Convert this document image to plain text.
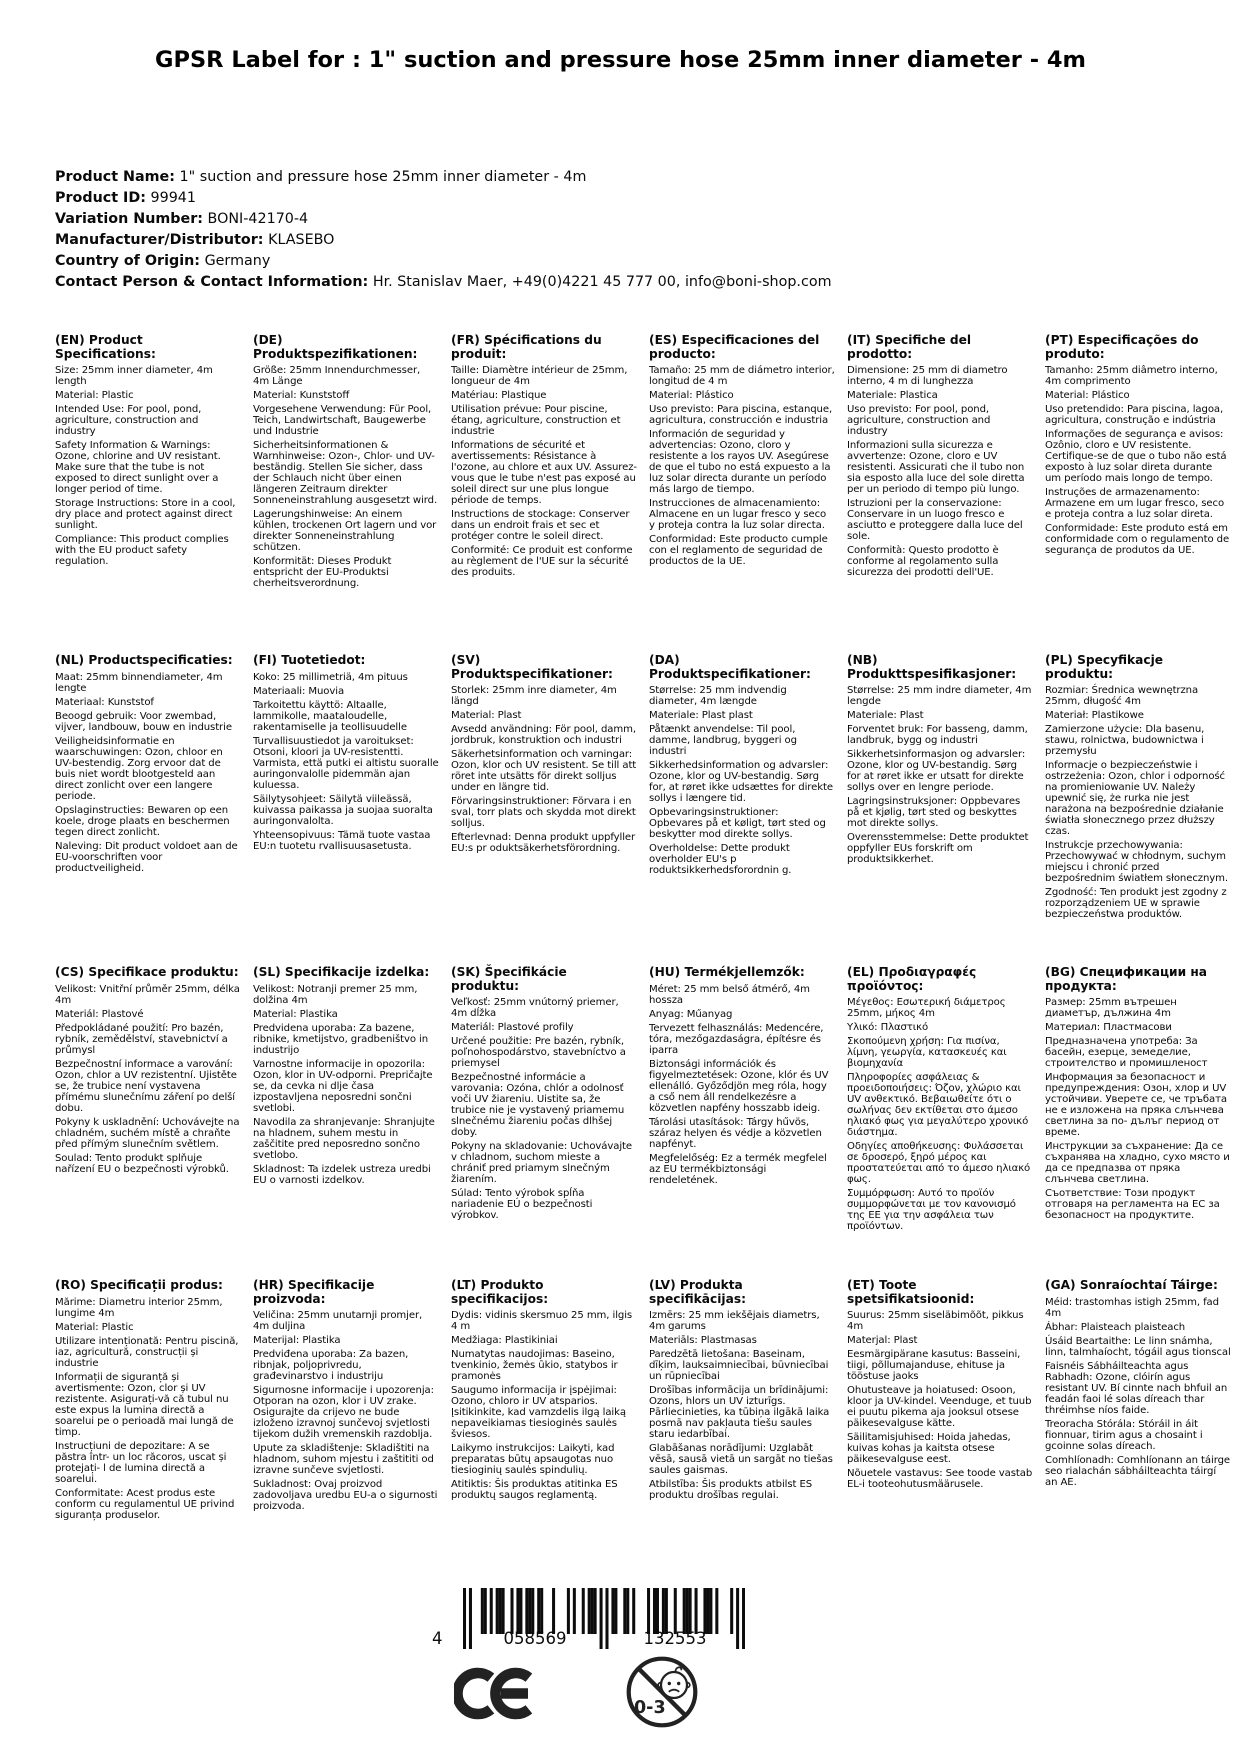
GPSR Label for : 1" suction and pressure hose 25mm inner diameter - 4m
Product Name: 1" suction and pressure hose 25mm inner diameter - 4m
Product ID: 99941
Variation Number: BONI-42170-4
Manufacturer/Distributor: KLASEBO
Country of Origin: Germany
Contact Person & Contact Information: Hr. Stanislav Maer, +49(0)4221 45 777 00, info@boni-shop.com
(EN) Product Specifications:

Size: 25mm inner diameter, 4m length

Material: Plastic

Intended Use: For pool, pond, agriculture, construction and industry

Safety Information & Warnings: Ozone, chlorine and UV resistant. Make sure that the tube is not exposed to direct sunlight over a longer period of time.

Storage Instructions: Store in a cool, dry place and protect against direct sunlight.

Compliance: This product complies with the EU product safety regulation.

(DE) Produktspezifikationen:

Größe: 25mm Innendurchmesser, 4m Länge

Material: Kunststoff

Vorgesehene Verwendung: Für Pool, Teich, Landwirtschaft, Baugewerbe und Industrie

Sicherheitsinformationen & Warnhinweise: Ozon-, Chlor- und UV-beständig. Stellen Sie sicher, dass der Schlauch nicht über einen längeren Zeitraum direkter Sonneneinstrahlung ausgesetzt wird.

Lagerungshinweise: An einem kühlen, trockenen Ort lagern und vor direkter Sonneneinstrahlung schützen.

Konformität: Dieses Produkt entspricht der EU-Produktsi cherheitsverordnung.

(FR) Spécifications du produit:

Taille: Diamètre intérieur de 25mm, longueur de 4m

Matériau: Plastique

Utilisation prévue: Pour piscine, étang, agriculture, construction et industrie

Informations de sécurité et avertissements: Résistance à l'ozone, au chlore et aux UV. Assurez-vous que le tube n'est pas exposé au soleil direct sur une plus longue période de temps.

Instructions de stockage: Conserver dans un endroit frais et sec et protéger contre le soleil direct.

Conformité: Ce produit est conforme au règlement de l'UE sur la sécurité des produits.

(ES) Especificaciones del producto:

Tamaño: 25 mm de diámetro interior, longitud de 4 m

Material: Plástico

Uso previsto: Para piscina, estanque, agricultura, construcción e industria

Información de seguridad y advertencias: Ozono, cloro y resistente a los rayos UV. Asegúrese de que el tubo no está expuesto a la luz solar directa durante un período más largo de tiempo.

Instrucciones de almacenamiento: Almacene en un lugar fresco y seco y proteja contra la luz solar directa.

Conformidad: Este producto cumple con el reglamento de seguridad de productos de la UE.

(IT) Specifiche del prodotto:

Dimensione: 25 mm di diametro interno, 4 m di lunghezza

Materiale: Plastica

Uso previsto: For pool, pond, agriculture, construction and industry

Informazioni sulla sicurezza e avvertenze: Ozone, cloro e UV resistenti. Assicurati che il tubo non sia esposto alla luce del sole diretta per un periodo di tempo più lungo.

Istruzioni per la conservazione: Conservare in un luogo fresco e asciutto e proteggere dalla luce del sole.

Conformità: Questo prodotto è conforme al regolamento sulla sicurezza dei prodotti dell'UE.

(PT) Especificações do produto:

Tamanho: 25mm diâmetro interno, 4m comprimento

Material: Plástico

Uso pretendido: Para piscina, lagoa, agricultura, construção e indústria

Informações de segurança e avisos: Ozônio, cloro e UV resistente. Certifique-se de que o tubo não está exposto à luz solar direta durante um período mais longo de tempo.

Instruções de armazenamento: Armazene em um lugar fresco, seco e proteja contra a luz solar direta.

Conformidade: Este produto está em conformidade com o regulamento de segurança de produtos da UE.

(NL) Productspecificaties:

Maat: 25mm binnendiameter, 4m lengte

Materiaal: Kunststof

Beoogd gebruik: Voor zwembad, vijver, landbouw, bouw en industrie

Veiligheidsinformatie en waarschuwingen: Ozon, chloor en UV-bestendig. Zorg ervoor dat de buis niet wordt blootgesteld aan direct zonlicht over een langere periode.

Opslaginstructies: Bewaren op een koele, droge plaats en beschermen tegen direct zonlicht.

Naleving: Dit product voldoet aan de EU-voorschriften voor productveiligheid.

(FI) Tuotetiedot:

Koko: 25 millimetriä, 4m pituus

Materiaali: Muovia

Tarkoitettu käyttö: Altaalle, lammikolle, maataloudelle, rakentamiselle ja teollisuudelle

Turvallisuustiedot ja varoitukset: Otsoni, kloori ja UV-resistentti. Varmista, että putki ei altistu suoralle auringonvalolle pidemmän ajan kuluessa.

Säilytysohjeet: Säilytä viileässä, kuivassa paikassa ja suojaa suoralta auringonvalolta.

Yhteensopivuus: Tämä tuote vastaa EU:n tuotetu rvallisuusasetusta.

(SV) Produktspecifikationer:

Storlek: 25mm inre diameter, 4m längd

Material: Plast

Avsedd användning: För pool, damm, jordbruk, konstruktion och industri

Säkerhetsinformation och varningar: Ozon, klor och UV resistent. Se till att röret inte utsätts för direkt solljus under en längre tid.

Förvaringsinstruktioner: Förvara i en sval, torr plats och skydda mot direkt solljus.

Efterlevnad: Denna produkt uppfyller EU:s pr oduktsäkerhetsförordning.

(DA) Produktspecifikationer:

Størrelse: 25 mm indvendig diameter, 4m længde

Materiale: Plast plast

Påtænkt anvendelse: Til pool, damme, landbrug, byggeri og industri

Sikkerhedsinformation og advarsler: Ozone, klor og UV-bestandig. Sørg for, at røret ikke udsættes for direkte sollys i længere tid.

Opbevaringsinstruktioner: Opbevares på et køligt, tørt sted og beskytter mod direkte sollys.

Overholdelse: Dette produkt overholder EU's p roduktsikkerhedsforordnin g.

(NB) Produkttspesifikasjoner:

Størrelse: 25 mm indre diameter, 4m lengde

Materiale: Plast

Forventet bruk: For basseng, damm, landbruk, bygg og industri

Sikkerhetsinformasjon og advarsler: Ozone, klor og UV-bestandig. Sørg for at røret ikke er utsatt for direkte sollys over en lengre periode.

Lagringsinstruksjoner: Oppbevares på et kjølig, tørt sted og beskyttes mot direkte sollys.

Overensstemmelse: Dette produktet oppfyller EUs forskrift om produktsikkerhet.

(PL) Specyfikacje produktu:

Rozmiar: Średnica wewnętrzna 25mm, długość 4m

Materiał: Plastikowe

Zamierzone użycie: Dla basenu, stawu, rolnictwa, budownictwa i przemysłu

Informacje o bezpieczeństwie i ostrzeżenia: Ozon, chlor i odporność na promieniowanie UV. Należy upewnić się, że rurka nie jest narażona na bezpośrednie działanie światła słonecznego przez dłuższy czas.

Instrukcje przechowywania: Przechowywać w chłodnym, suchym miejscu i chronić przed bezpośrednim światłem słonecznym.

Zgodność: Ten produkt jest zgodny z rozporządzeniem UE w sprawie bezpieczeństwa produktów.

(CS) Specifikace produktu:

Velikost: Vnitřní průměr 25mm, délka 4m

Materiál: Plastové

Předpokládané použití: Pro bazén, rybník, zemědělství, stavebnictví a průmysl

Bezpečnostní informace a varování: Ozon, chlor a UV rezistentní. Ujistěte se, že trubice není vystavena přímému slunečnímu záření po delší dobu.

Pokyny k uskladnění: Uchovávejte na chladném, suchém místě a chraňte před přímým slunečním světlem.

Soulad: Tento produkt splňuje nařízení EU o bezpečnosti výrobků.

(SL) Specifikacije izdelka:

Velikost: Notranji premer 25 mm, dolžina 4m

Material: Plastika

Predvidena uporaba: Za bazene, ribnike, kmetijstvo, gradbeništvo in industrijo

Varnostne informacije in opozorila: Ozon, klor in UV-odporni. Prepričajte se, da cevka ni dlje časa izpostavljena neposredni sončni svetlobi.

Navodila za shranjevanje: Shranjujte na hladnem, suhem mestu in zaščitite pred neposredno sončno svetlobo.

Skladnost: Ta izdelek ustreza uredbi EU o varnosti izdelkov.

(SK) Špecifikácie produktu:

Veľkosť: 25mm vnútorný priemer, 4m dĺžka

Materiál: Plastové profily

Určené použitie: Pre bazén, rybník, poľnohospodárstvo, stavebníctvo a priemysel

Bezpečnostné informácie a varovania: Ozóna, chlór a odolnosť voči UV žiareniu. Uistite sa, že trubice nie je vystavený priamemu slnečnému žiareniu počas dlhšej doby.

Pokyny na skladovanie: Uchovávajte v chladnom, suchom mieste a chrániť pred priamym slnečným žiarením.

Súlad: Tento výrobok spĺňa nariadenie EÚ o bezpečnosti výrobkov.

(HU) Termékjellemzők:

Méret: 25 mm belső átmérő, 4m hossza

Anyag: Műanyag

Tervezett felhasználás: Medencére, tóra, mezőgazdaságra, építésre és iparra

Biztonsági információk és figyelmeztetések: Ozone, klór és UV ellenálló. Győződjön meg róla, hogy a cső nem áll rendelkezésre a közvetlen napfény hosszabb ideig.

Tárolási utasítások: Tárgy hűvös, száraz helyen és védje a közvetlen napfényt.

Megfelelőség: Ez a termék megfelel az EU termékbiztonsági rendeletének.

(EL) Προδιαγραφές προϊόντος:

Μέγεθος: Εσωτερική διάμετρος 25mm, μήκος 4m

Υλικό: Πλαστικό

Σκοπούμενη χρήση: Για πισίνα, λίμνη, γεωργία, κατασκευές και βιομηχανία

Πληροφορίες ασφάλειας & προειδοποιήσεις: Όζον, χλώριο και UV ανθεκτικό. Βεβαιωθείτε ότι ο σωλήνας δεν εκτίθεται στο άμεσο ηλιακό φως για μεγαλύτερο χρονικό διάστημα.

Οδηγίες αποθήκευσης: Φυλάσσεται σε δροσερό, ξηρό μέρος και προστατεύεται από το άμεσο ηλιακό φως.

Συμμόρφωση: Αυτό το προϊόν συμμορφώνεται με τον κανονισμό της ΕΕ για την ασφάλεια των προϊόντων.

(BG) Спецификации на продукта:

Размер: 25mm вътрешен диаметър, дължина 4m

Материал: Пластмасови

Предназначена употреба: За басейн, езерце, земеделие, строителство и промишленост

Информация за безопасност и предупреждения: Озон, хлор и UV устойчиви. Уверете се, че тръбата не е изложена на пряка слънчева светлина за по- дълъг период от време.

Инструкции за съхранение: Да се съхранява на хладно, сухо място и да се предпазва от пряка слънчева светлина.

Съответствие: Този продукт отговаря на регламента на ЕС за безопасност на продуктите.

(RO) Specificații produs:

Mărime: Diametru interior 25mm, lungime 4m

Material: Plastic

Utilizare intenționată: Pentru piscină, iaz, agricultură, construcții și industrie

Informații de siguranță și avertismente: Ozon, clor și UV rezistente. Asigurați-vă că tubul nu este expus la lumina directă a soarelui pe o perioadă mai lungă de timp.

Instrucțiuni de depozitare: A se păstra într- un loc răcoros, uscat și protejați- l de lumina directă a soarelui.

Conformitate: Acest produs este conform cu regulamentul UE privind siguranța produselor.

(HR) Specifikacije proizvoda:

Veličina: 25mm unutarnji promjer, 4m duljina

Materijal: Plastika

Predviđena uporaba: Za bazen, ribnjak, poljoprivredu, građevinarstvo i industriju

Sigurnosne informacije i upozorenja: Otporan na ozon, klor i UV zrake. Osigurajte da crijevo ne bude izloženo izravnoj sunčevoj svjetlosti tijekom dužih vremenskih razdoblja.

Upute za skladištenje: Skladištiti na hladnom, suhom mjestu i zaštititi od izravne sunčeve svjetlosti.

Sukladnost: Ovaj proizvod zadovoljava uredbu EU-a o sigurnosti proizvoda.

(LT) Produkto specifikacijos:

Dydis: vidinis skersmuo 25 mm, ilgis 4 m

Medžiaga: Plastikiniai

Numatytas naudojimas: Baseino, tvenkinio, žemės ūkio, statybos ir pramonės

Saugumo informacija ir įspėjimai: Ozono, chloro ir UV atsparios. Įsitikinkite, kad vamzdelis ilgą laiką nepaveikiamas tiesioginės saulės šviesos.

Laikymo instrukcijos: Laikyti, kad preparatas būtų apsaugotas nuo tiesioginių saulės spindulių.

Atitiktis: Šis produktas atitinka ES produktų saugos reglamentą.

(LV) Produkta specifikācijas:

Izmērs: 25 mm iekšējais diametrs, 4m garums

Materiāls: Plastmasas

Paredzētā lietošana: Baseinam, dīķim, lauksaimniecībai, būvniecībai un rūpniecībai

Drošības informācija un brīdinājumi: Ozons, hlors un UV izturīgs. Pārliecinieties, ka tūbiņa ilgākā laika posmā nav pakļauta tiešu saules staru iedarbībai.

Glabāšanas norādījumi: Uzglabāt vēsā, sausā vietā un sargāt no tiešas saules gaismas.

Atbilstība: Šis produkts atbilst ES produktu drošības regulai.

(ET) Toote spetsifikatsioonid:

Suurus: 25mm siseläbimõõt, pikkus 4m

Materjal: Plast

Eesmärgipärane kasutus: Basseini, tiigi, põllumajanduse, ehituse ja tööstuse jaoks

Ohutusteave ja hoiatused: Osoon, kloor ja UV-kindel. Veenduge, et tuub ei puutu pikema aja jooksul otsese päikesevalguse kätte.

Säilitamisjuhised: Hoida jahedas, kuivas kohas ja kaitsta otsese päikesevalguse eest.

Nõuetele vastavus: See toode vastab EL-i tooteohutusmäärusele.

(GA) Sonraíochtaí Táirge:

Méid: trastomhas istigh 25mm, fad 4m

Ábhar: Plaisteach plaisteach

Úsáid Beartaithe: Le linn snámha, linn, talmhaíocht, tógáil agus tionscal

Faisnéis Sábháilteachta agus Rabhadh: Ozone, clóirín agus resistant UV. Bí cinnte nach bhfuil an feadán faoi lé solas díreach thar thréimhse níos faide.

Treoracha Stórála: Stóráil in áit fionnuar, tirim agus a chosaint i gcoinne solas díreach.

Comhlíonadh: Comhlíonann an táirge seo rialachán sábháilteachta táirgí an AE.

4	058569	132553
0-3
